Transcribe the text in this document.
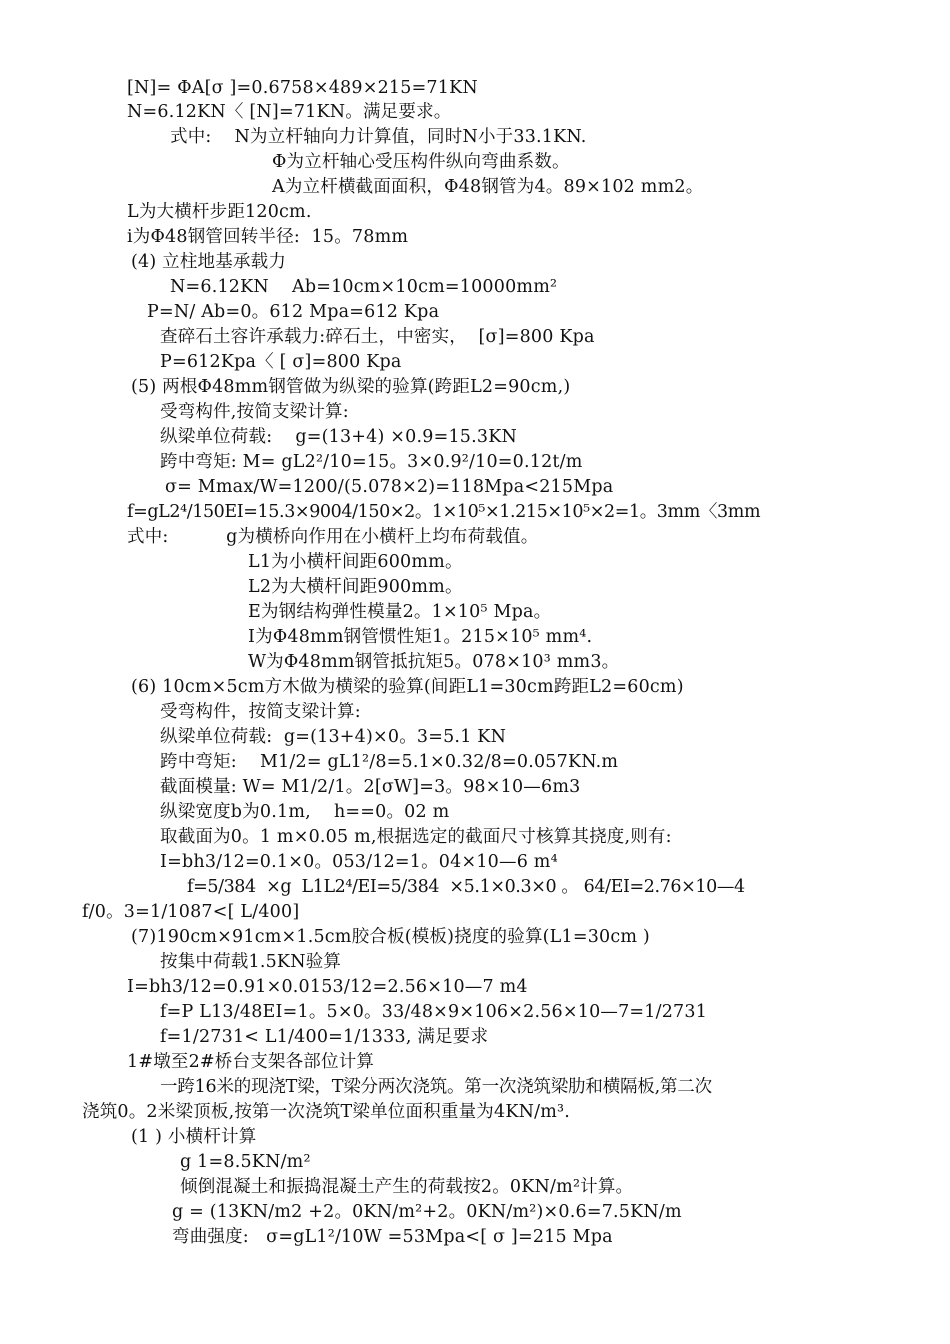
[N]= ΦA[σ ]=0.6758×489×215=71KN
N=6.12KN〈 [N]=71KN。满足要求。
式中:    N为立杆轴向力计算值，同时N小于33.1KN.
Φ为立杆轴心受压构件纵向弯曲系数。
A为立杆横截面面积，Φ48钢管为4。89×102 mm2。
L为大横杆步距120cm.
i为Φ48钢管回转半径:  15。78mm
(4) 立柱地基承载力
N=6.12KN    Ab=10cm×10cm=10000mm²
P=N/ Ab=0。612 Mpa=612 Kpa
查碎石土容许承载力:碎石土，中密实，  [σ]=800 Kpa
P=612Kpa〈 [ σ]=800 Kpa
(5) 两根Φ48mm钢管做为纵梁的验算(跨距L2=90cm,)
受弯构件,按简支梁计算:
纵梁单位荷载:    g=(13+4) ×0.9=15.3KN
跨中弯矩: M= gL2²/10=15。3×0.9²/10=0.12t/m
σ= Mmax/W=1200/(5.078×2)=118Mpa<215Mpa
f=gL2⁴/150EI=15.3×9004/150×2。1×10⁵×1.215×10⁵×2=1。3mm〈3mm
式中:          g为横桥向作用在小横杆上均布荷载值。
L1为小横杆间距600mm。
L2为大横杆间距900mm。
E为钢结构弹性模量2。1×10⁵ Mpa。
I为Φ48mm钢管惯性矩1。215×10⁵ mm⁴.
W为Φ48mm钢管抵抗矩5。078×10³ mm3。
(6) 10cm×5cm方木做为横梁的验算(间距L1=30cm跨距L2=60cm)
受弯构件，按简支梁计算:
纵梁单位荷载:  g=(13+4)×0。3=5.1 KN
跨中弯矩:    M1/2= gL1²/8=5.1×0.32/8=0.057KN.m
截面模量: W= M1/2/1。2[σW]=3。98×10—6m3
纵梁宽度b为0.1m,    h==0。02 m
取截面为0。1 m×0.05 m,根据选定的截面尺寸核算其挠度,则有:
I=bh3/12=0.1×0。053/12=1。04×10—6 m⁴
f=5/384  ×g  L1L2⁴/EI=5/384  ×5.1×0.3×0 。 64/EI=2.76×10—4
f/0。3=1/1087<[ L/400]
(7)190cm×91cm×1.5cm胶合板(模板)挠度的验算(L1=30cm )
按集中荷载1.5KN验算
I=bh3/12=0.91×0.0153/12=2.56×10—7 m4
f=P L13/48EI=1。5×0。33/48×9×106×2.56×10—7=1/2731
f=1/2731< L1/400=1/1333, 满足要求
1#墩至2#桥台支架各部位计算
一跨16米的现浇T梁，T梁分两次浇筑。第一次浇筑梁肋和横隔板,第二次
浇筑0。2米梁顶板,按第一次浇筑T梁单位面积重量为4KN/m³.
(1 ) 小横杆计算
g 1=8.5KN/m²
倾倒混凝土和振捣混凝土产生的荷载按2。0KN/m²计算。
g = (13KN/m2 +2。0KN/m²+2。0KN/m²)×0.6=7.5KN/m
弯曲强度:   σ=gL1²/10W =53Mpa<[ σ ]=215 Mpa
